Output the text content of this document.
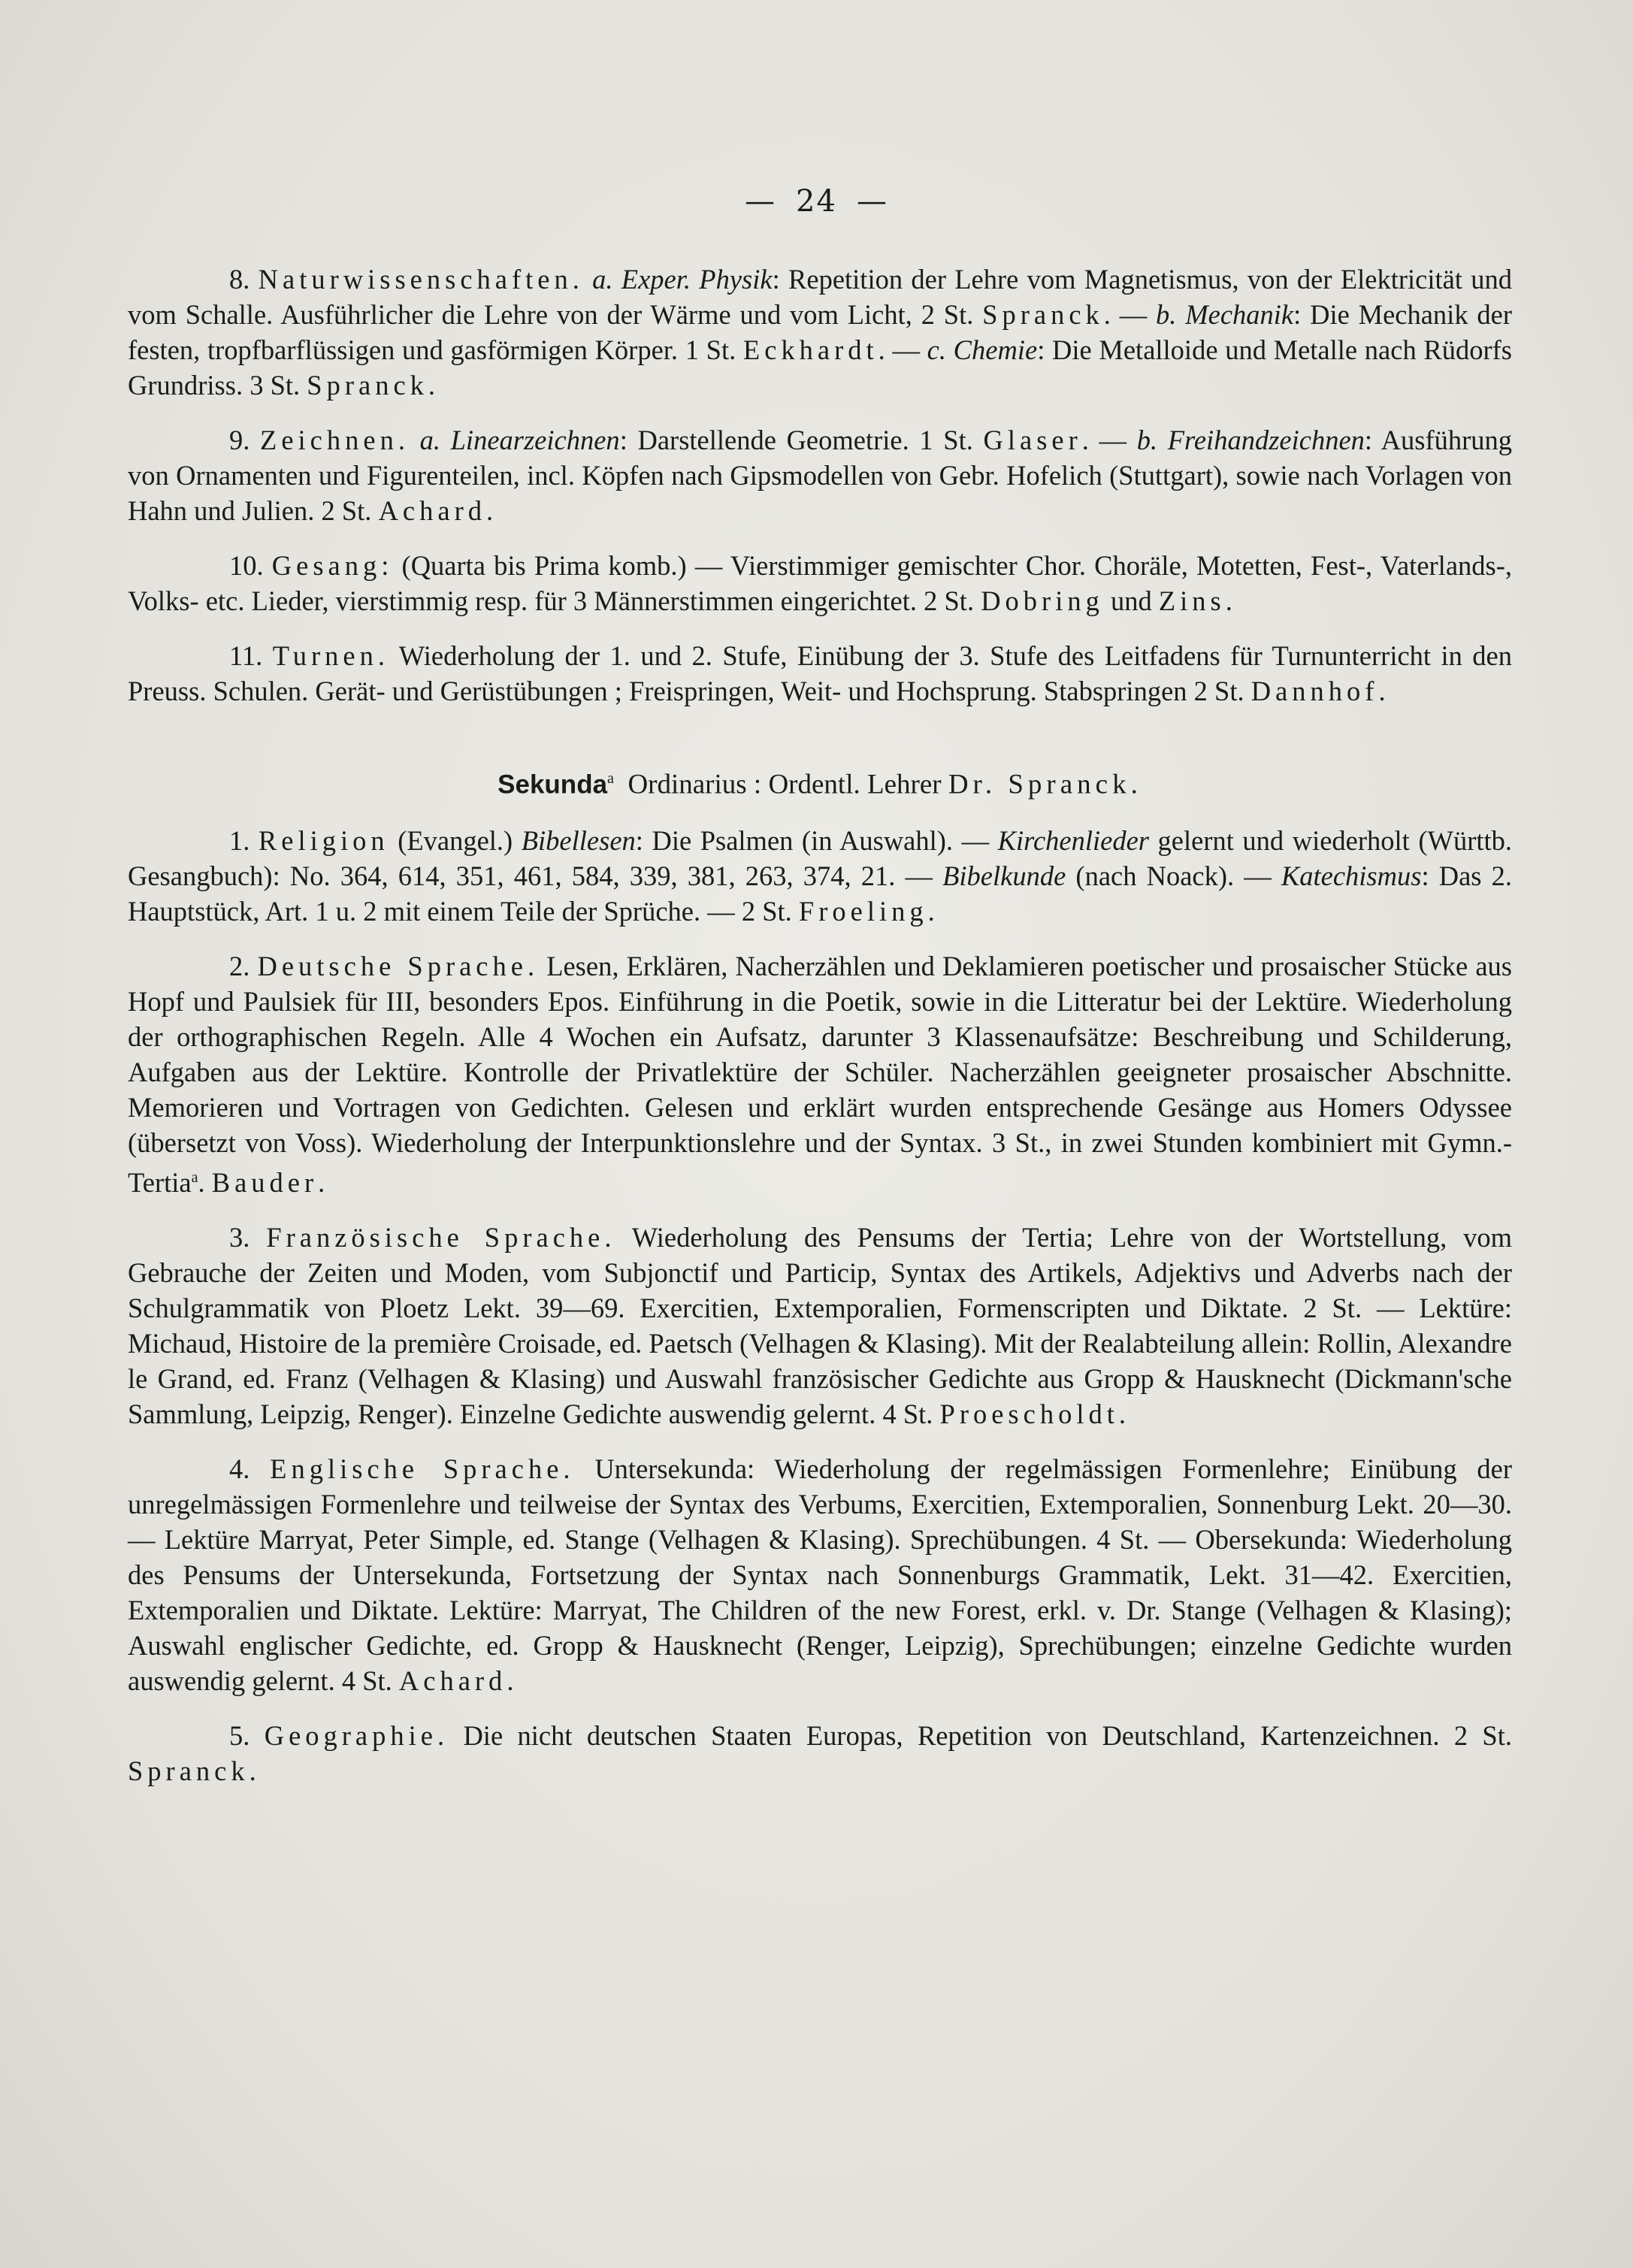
— 24 —

8. Naturwissenschaften. a. Exper. Physik: Repetition der Lehre vom Magnetismus, von der Elektricität und vom Schalle. Ausführlicher die Lehre von der Wärme und vom Licht, 2 St. Spranck. — b. Mechanik: Die Mechanik der festen, tropfbarflüssigen und gasförmigen Körper. 1 St. Eckhardt. — c. Chemie: Die Metalloide und Metalle nach Rüdorfs Grundriss. 3 St. Spranck.

9. Zeichnen. a. Linearzeichnen: Darstellende Geometrie. 1 St. Glaser. — b. Freihandzeichnen: Ausführung von Ornamenten und Figurenteilen, incl. Köpfen nach Gipsmodellen von Gebr. Hofelich (Stuttgart), sowie nach Vorlagen von Hahn und Julien. 2 St. Achard.

10. Gesang: (Quarta bis Prima komb.) — Vierstimmiger gemischter Chor. Choräle, Motetten, Fest-, Vaterlands-, Volks- etc. Lieder, vierstimmig resp. für 3 Männerstimmen eingerichtet. 2 St. Dobring und Zins.

11. Turnen. Wiederholung der 1. und 2. Stufe, Einübung der 3. Stufe des Leitfadens für Turnunterricht in den Preuss. Schulen. Gerät- und Gerüstübungen ; Freispringen, Weit- und Hochsprung. Stabspringen 2 St. Dannhof.

Sekunda$^a$ Ordinarius : Ordentl. Lehrer Dr. Spranck.

1. Religion (Evangel.) Bibellesen: Die Psalmen (in Auswahl). — Kirchenlieder gelernt und wiederholt (Württb. Gesangbuch): No. 364, 614, 351, 461, 584, 339, 381, 263, 374, 21. — Bibelkunde (nach Noack). — Katechismus: Das 2. Hauptstück, Art. 1 u. 2 mit einem Teile der Sprüche. — 2 St. Froeling.

2. Deutsche Sprache. Lesen, Erklären, Nacherzählen und Deklamieren poetischer und prosaischer Stücke aus Hopf und Paulsiek für III, besonders Epos. Einführung in die Poetik, sowie in die Litteratur bei der Lektüre. Wiederholung der orthographischen Regeln. Alle 4 Wochen ein Aufsatz, darunter 3 Klassenaufsätze: Beschreibung und Schilderung, Aufgaben aus der Lektüre. Kontrolle der Privatlektüre der Schüler. Nacherzählen geeigneter prosaischer Abschnitte. Memorieren und Vortragen von Gedichten. Gelesen und erklärt wurden entsprechende Gesänge aus Homers Odyssee (übersetzt von Voss). Wiederholung der Interpunktionslehre und der Syntax. 3 St., in zwei Stunden kombiniert mit Gymn.-Tertia$^a$. Bauder.

3. Französische Sprache. Wiederholung des Pensums der Tertia; Lehre von der Wortstellung, vom Gebrauche der Zeiten und Moden, vom Subjonctif und Particip, Syntax des Artikels, Adjektivs und Adverbs nach der Schulgrammatik von Ploetz Lekt. 39—69. Exercitien, Extemporalien, Formenscripten und Diktate. 2 St. — Lektüre: Michaud, Histoire de la première Croisade, ed. Paetsch (Velhagen & Klasing). Mit der Realabteilung allein: Rollin, Alexandre le Grand, ed. Franz (Velhagen & Klasing) und Auswahl französischer Gedichte aus Gropp & Hausknecht (Dickmann'sche Sammlung, Leipzig, Renger). Einzelne Gedichte auswendig gelernt. 4 St. Proescholdt.

4. Englische Sprache. Untersekunda: Wiederholung der regelmässigen Formenlehre; Einübung der unregelmässigen Formenlehre und teilweise der Syntax des Verbums, Exercitien, Extemporalien, Sonnenburg Lekt. 20—30. — Lektüre Marryat, Peter Simple, ed. Stange (Velhagen & Klasing). Sprechübungen. 4 St. — Obersekunda: Wiederholung des Pensums der Untersekunda, Fortsetzung der Syntax nach Sonnenburgs Grammatik, Lekt. 31—42. Exercitien, Extemporalien und Diktate. Lektüre: Marryat, The Children of the new Forest, erkl. v. Dr. Stange (Velhagen & Klasing); Auswahl englischer Gedichte, ed. Gropp & Hausknecht (Renger, Leipzig), Sprechübungen; einzelne Gedichte wurden auswendig gelernt. 4 St. Achard.

5. Geographie. Die nicht deutschen Staaten Europas, Repetition von Deutschland, Kartenzeichnen. 2 St. Spranck.
